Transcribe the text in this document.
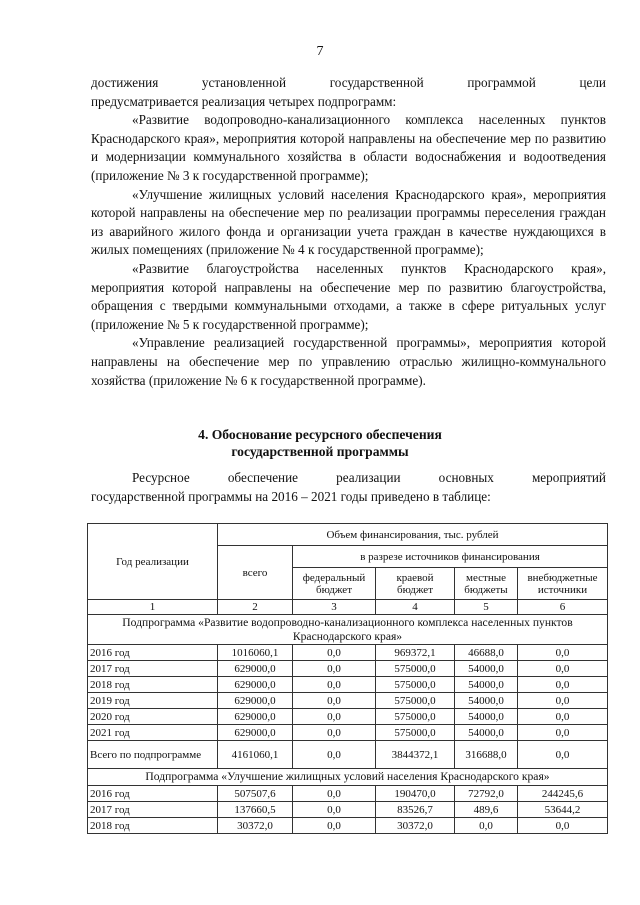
7

достижения установленной государственной программой цели

предусматривается реализация четырех подпрограмм:

«Развитие водопроводно-канализационного комплекса населенных пунктов Краснодарского края», мероприятия которой направлены на обеспечение мер по развитию и модернизации коммунального хозяйства в области водоснабжения и водоотведения (приложение № 3 к государственной программе);

«Улучшение жилищных условий населения Краснодарского края», мероприятия которой направлены на обеспечение мер по реализации программы переселения граждан из аварийного жилого фонда и организации учета граждан в качестве нуждающихся в жилых помещениях (приложение № 4 к государственной программе);

«Развитие благоустройства населенных пунктов Краснодарского края», мероприятия которой направлены на обеспечение мер по развитию благоустройства, обращения с твердыми коммунальными отходами, а также в сфере ритуальных услуг (приложение № 5 к государственной программе);

«Управление реализацией государственной программы», мероприятия которой направлены на обеспечение мер по управлению отраслью жилищно-коммунального хозяйства (приложение № 6 к государственной программе).

4. Обоснование ресурсного обеспечения
государственной программы

Ресурсное обеспечение реализации основных мероприятий

государственной программы на 2016 – 2021 годы приведено в таблице:

Год реализации	Объем финансирования, тыс. рублей				
	всего	в разрезе источников финансирования			
		федеральный бюджет	краевой бюджет	местные бюджеты	внебюджетные источники
1	2	3	4	5	6
Подпрограмма «Развитие водопроводно-канализационного комплекса населенных пунктов Краснодарского края»					
2016 год	1016060,1	0,0	969372,1	46688,0	0,0
2017 год	629000,0	0,0	575000,0	54000,0	0,0
2018 год	629000,0	0,0	575000,0	54000,0	0,0
2019 год	629000,0	0,0	575000,0	54000,0	0,0
2020 год	629000,0	0,0	575000,0	54000,0	0,0
2021 год	629000,0	0,0	575000,0	54000,0	0,0
Всего по подпрограмме	4161060,1	0,0	3844372,1	316688,0	0,0
Подпрограмма «Улучшение жилищных условий населения Краснодарского края»					
2016 год	507507,6	0,0	190470,0	72792,0	244245,6
2017 год	137660,5	0,0	83526,7	489,6	53644,2
2018 год	30372,0	0,0	30372,0	0,0	0,0
